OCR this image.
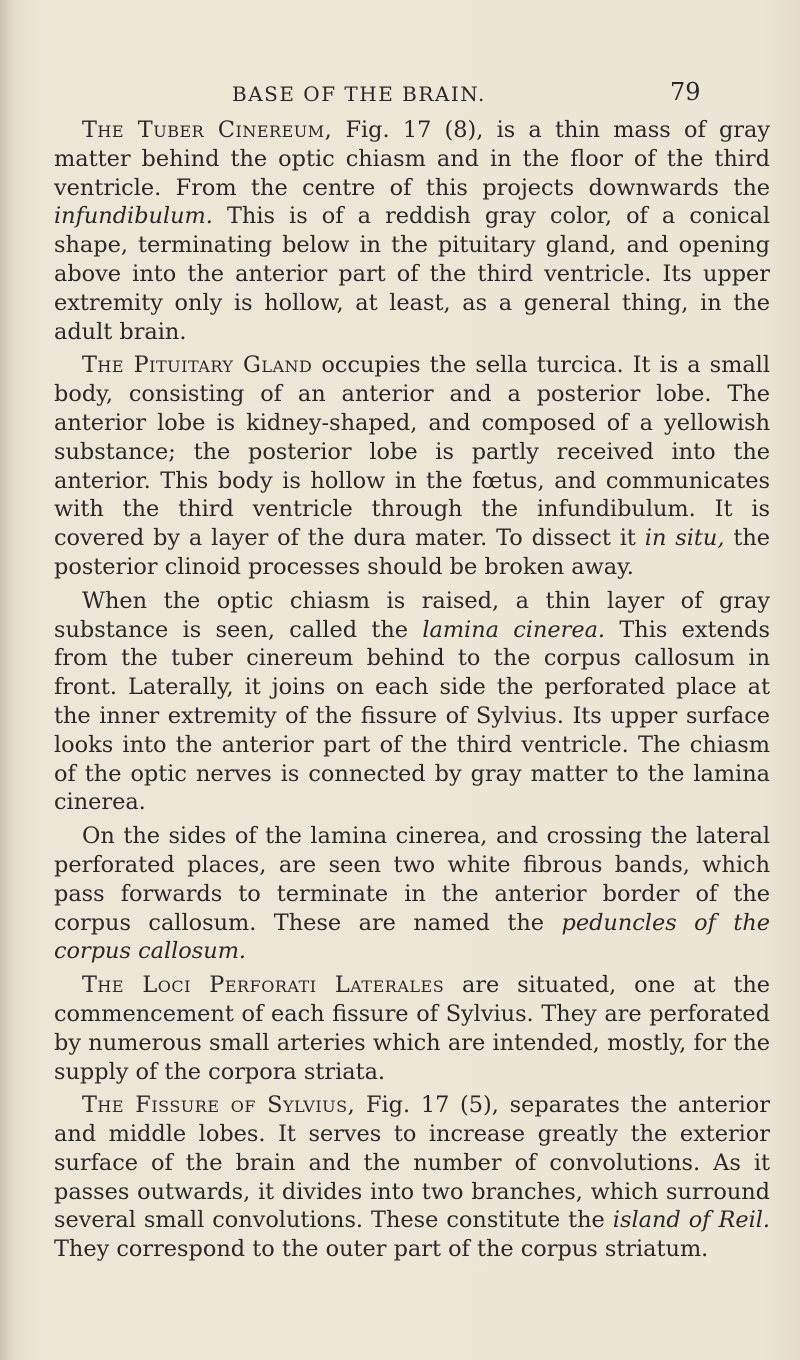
BASE OF THE BRAIN.	79

The Tuber Cinereum, Fig. 17 (8), is a thin mass of gray matter behind the optic chiasm and in the floor of the third ventricle. From the centre of this projects downwards the infundibulum. This is of a reddish gray color, of a conical shape, terminating below in the pituitary gland, and opening above into the anterior part of the third ventricle. Its upper extremity only is hollow, at least, as a general thing, in the adult brain.

The Pituitary Gland occupies the sella turcica. It is a small body, consisting of an anterior and a posterior lobe. The anterior lobe is kidney-shaped, and composed of a yellowish substance; the posterior lobe is partly received into the anterior. This body is hollow in the fœtus, and communicates with the third ventricle through the infundibulum. It is covered by a layer of the dura mater. To dissect it in situ, the posterior clinoid processes should be broken away.

When the optic chiasm is raised, a thin layer of gray substance is seen, called the lamina cinerea. This extends from the tuber cinereum behind to the corpus callosum in front. Laterally, it joins on each side the perforated place at the inner extremity of the fissure of Sylvius. Its upper surface looks into the anterior part of the third ventricle. The chiasm of the optic nerves is connected by gray matter to the lamina cinerea.

On the sides of the lamina cinerea, and crossing the lateral perforated places, are seen two white fibrous bands, which pass forwards to terminate in the anterior border of the corpus callosum. These are named the peduncles of the corpus callosum.

The Loci Perforati Laterales are situated, one at the commencement of each fissure of Sylvius. They are perforated by numerous small arteries which are intended, mostly, for the supply of the corpora striata.

The Fissure of Sylvius, Fig. 17 (5), separates the anterior and middle lobes. It serves to increase greatly the exterior surface of the brain and the number of convolutions. As it passes outwards, it divides into two branches, which surround several small convolutions. These constitute the island of Reil. They correspond to the outer part of the corpus striatum.
